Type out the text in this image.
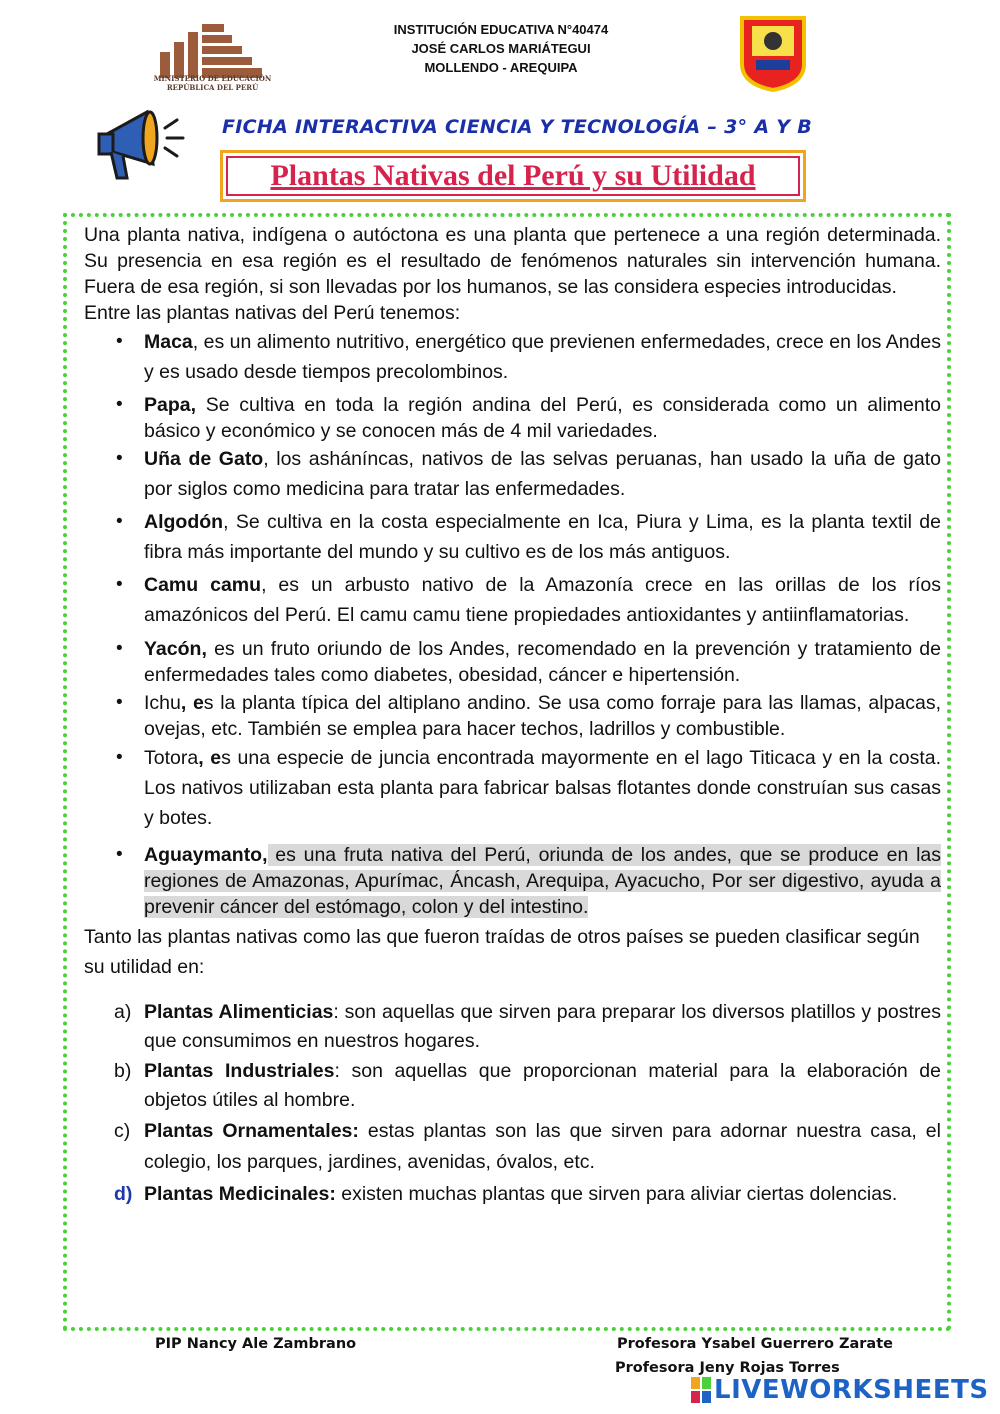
MINISTERIO DE EDUCACIÓN
REPÚBLICA DEL PERÚ
INSTITUCIÓN EDUCATIVA N°40474
JOSÉ CARLOS MARIÁTEGUI
MOLLENDO - AREQUIPA
FICHA INTERACTIVA CIENCIA Y TECNOLOGÍA – 3° A Y B
Plantas Nativas del Perú y su Utilidad

Una planta nativa, indígena o autóctona es una planta que pertenece a una región determinada. Su presencia en esa región es el resultado de fenómenos naturales sin intervención humana. Fuera de esa región, si son llevadas por los humanos, se las considera especies introducidas.

Entre las plantas nativas del Perú tenemos:

• Maca, es un alimento nutritivo, energético que previenen enfermedades, crece en los Andes y es usado desde tiempos precolombinos.
• Papa, Se cultiva en toda la región andina del Perú, es considerada como un alimento básico y económico y se conocen más de 4 mil variedades.
• Uña de Gato, los asháníncas, nativos de las selvas peruanas, han usado la uña de gato por siglos como medicina para tratar las enfermedades.
• Algodón, Se cultiva en la costa especialmente en Ica, Piura y Lima, es la planta textil de fibra más importante del mundo y su cultivo es de los más antiguos.
• Camu camu, es un arbusto nativo de la Amazonía crece en las orillas de los ríos amazónicos del Perú. El camu camu tiene propiedades antioxidantes y antiinflamatorias.
• Yacón, es un fruto oriundo de los Andes, recomendado en la prevención y tratamiento de enfermedades tales como diabetes, obesidad, cáncer e hipertensión.
• Ichu, es la planta típica del altiplano andino. Se usa como forraje para las llamas, alpacas, ovejas, etc. También se emplea para hacer techos, ladrillos y combustible.
• Totora, es una especie de juncia encontrada mayormente en el lago Titicaca y en la costa. Los nativos utilizaban esta planta para fabricar balsas flotantes donde construían sus casas y botes.
• Aguaymanto, es una fruta nativa del Perú, oriunda de los andes, que se produce en las regiones de Amazonas, Apurímac, Áncash, Arequipa, Ayacucho, Por ser digestivo, ayuda a prevenir cáncer del estómago, colon y del intestino.

Tanto las plantas nativas como las que fueron traídas de otros países se pueden clasificar según su utilidad en:

a) Plantas Alimenticias: son aquellas que sirven para preparar los diversos platillos y postres que consumimos en nuestros hogares.
b) Plantas Industriales: son aquellas que proporcionan material para la elaboración de objetos útiles al hombre.
c) Plantas Ornamentales: estas plantas son las que sirven para adornar nuestra casa, el colegio, los parques, jardines, avenidas, óvalos, etc.
d) Plantas Medicinales: existen muchas plantas que sirven para aliviar ciertas dolencias.
PIP Nancy Ale Zambrano	Profesora Ysabel Guerrero Zarate
Profesora Jeny Rojas Torres
LIVEWORKSHEETS
